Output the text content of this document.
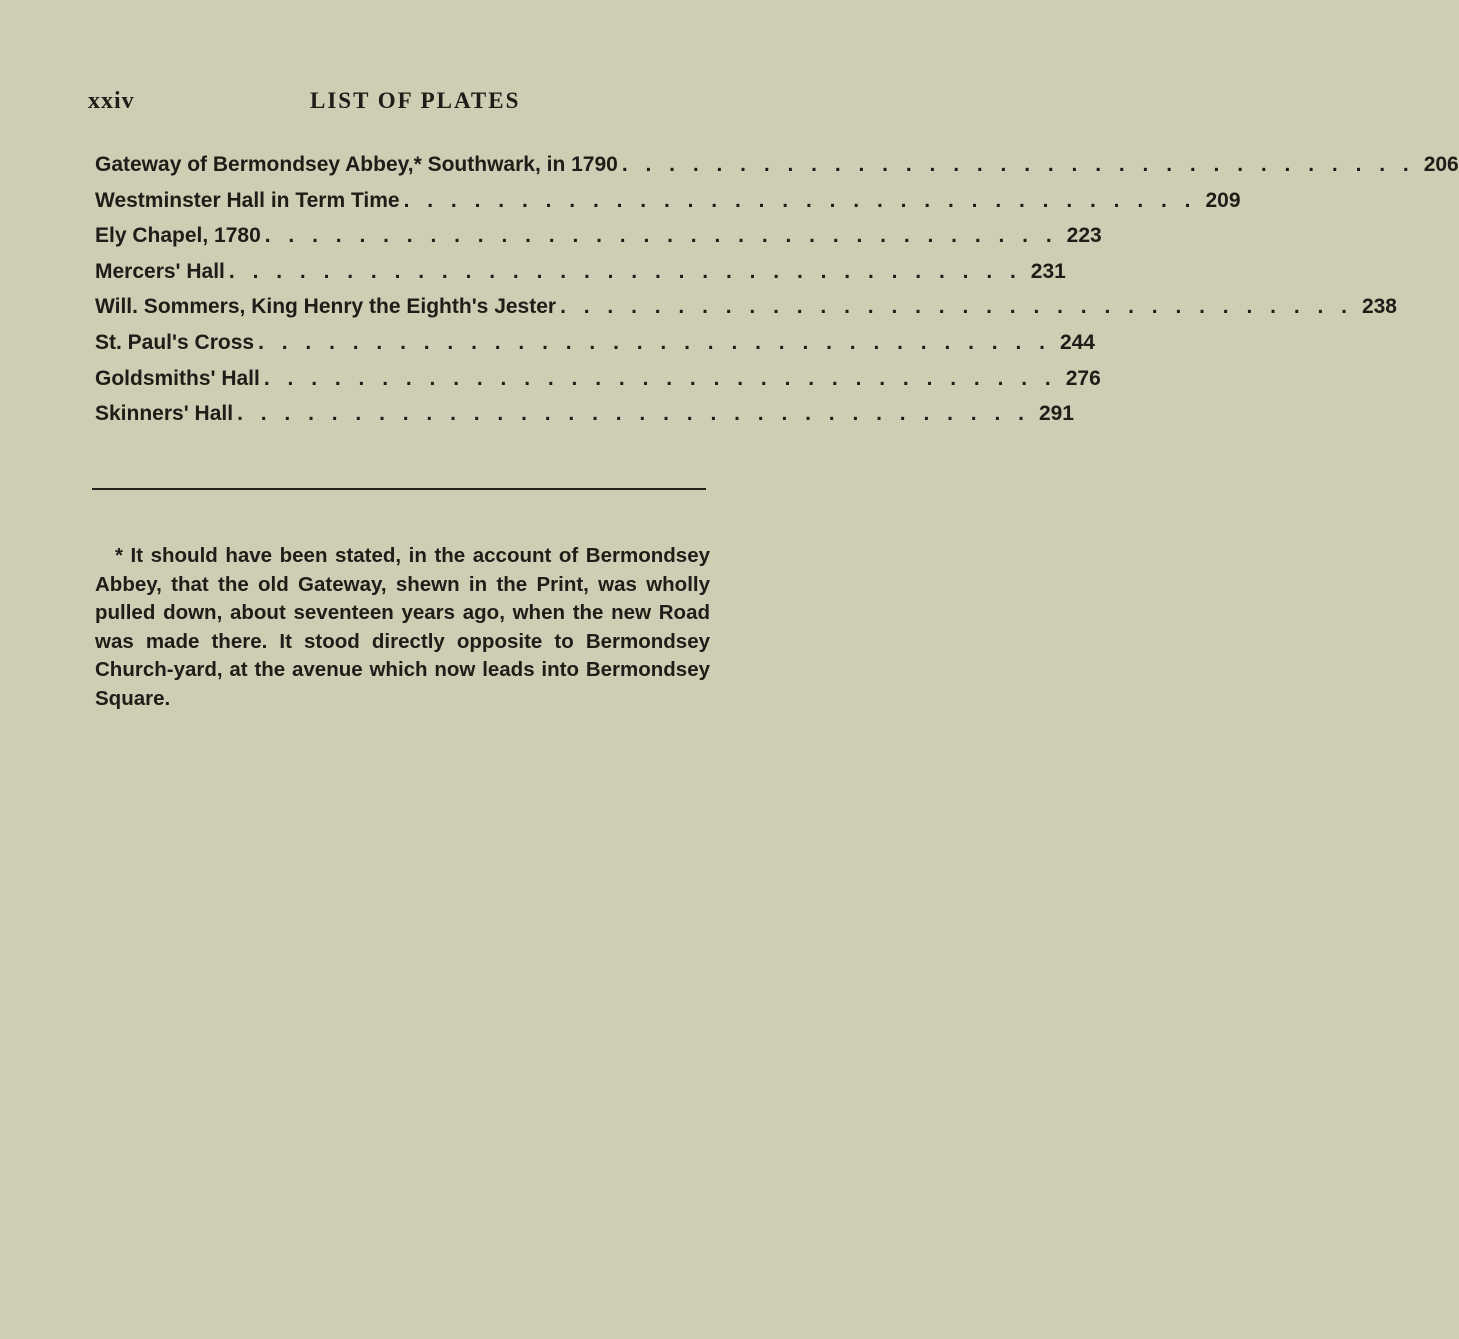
xxiv	LIST OF PLATES
Gateway of Bermondsey Abbey,* Southwark, in 1790 . . . . . . . . . . . . . . . . . . . . . . . . . . . . . . . . . . 206
Westminster Hall in Term Time . . . . . . . . . . . . . . . . . . . . . . . . . . . . . . . . . . 209
Ely Chapel, 1780 . . . . . . . . . . . . . . . . . . . . . . . . . . . . . . . . . . 223
Mercers' Hall . . . . . . . . . . . . . . . . . . . . . . . . . . . . . . . . . . 231
Will. Sommers, King Henry the Eighth's Jester . . . . . . . . . . . . . . . . . . . . . . . . . . . . . . . . . . 238
St. Paul's Cross . . . . . . . . . . . . . . . . . . . . . . . . . . . . . . . . . . 244
Goldsmiths' Hall . . . . . . . . . . . . . . . . . . . . . . . . . . . . . . . . . . 276
Skinners' Hall . . . . . . . . . . . . . . . . . . . . . . . . . . . . . . . . . . 291

* It should have been stated, in the account of Bermondsey Abbey, that the old Gateway, shewn in the Print, was wholly pulled down, about seventeen years ago, when the new Road was made there. It stood directly opposite to Bermondsey Church-yard, at the avenue which now leads into Bermondsey Square.
